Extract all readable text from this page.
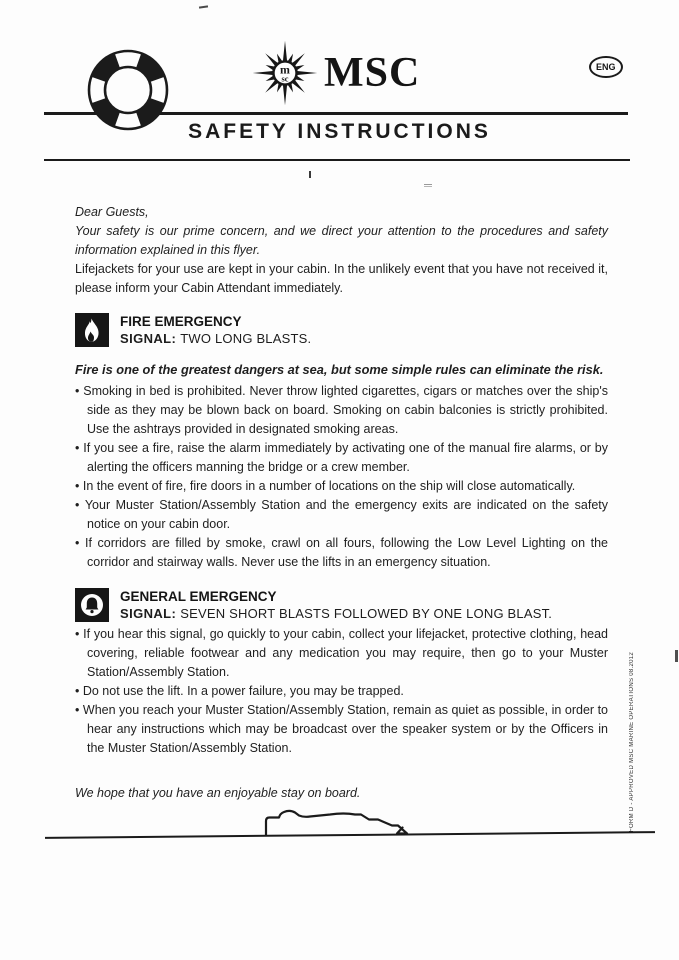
m
sc MSC	ENG
SAFETY INSTRUCTIONS

Dear Guests,

Your safety is our prime concern, and we direct your attention to the procedures and safety information explained in this flyer.

Lifejackets for your use are kept in your cabin. In the unlikely event that you have not received it, please inform your Cabin Attendant immediately.

FIRE EMERGENCY
SIGNAL: TWO LONG BLASTS.

Fire is one of the greatest dangers at sea, but some simple rules can eliminate the risk.

• Smoking in bed is prohibited. Never throw lighted cigarettes, cigars or matches over the ship's side as they may be blown back on board. Smoking on cabin balconies is strictly prohibited. Use the ashtrays provided in designated smoking areas.
• If you see a fire, raise the alarm immediately by activating one of the manual fire alarms, or by alerting the officers manning the bridge or a crew member.
• In the event of fire, fire doors in a number of locations on the ship will close automatically.
• Your Muster Station/Assembly Station and the emergency exits are indicated on the safety notice on your cabin door.
• If corridors are filled by smoke, crawl on all fours, following the Low Level Lighting on the corridor and stairway walls. Never use the lifts in an emergency situation.
GENERAL EMERGENCY
SIGNAL: SEVEN SHORT BLASTS FOLLOWED BY ONE LONG BLAST.
• If you hear this signal, go quickly to your cabin, collect your lifejacket, protective clothing, head covering, reliable footwear and any medication you may require, then go to your Muster Station/Assembly Station.
• Do not use the lift. In a power failure, you may be trapped.
• When you reach your Muster Station/Assembly Station, remain as quiet as possible, in order to hear any instructions which may be broadcast over the speaker system or by the Officers in the Muster Station/Assembly Station.

We hope that you have an enjoyable stay on board.	FORM D - APPROVED MSC MARINE OPERATIONS 08.2012
